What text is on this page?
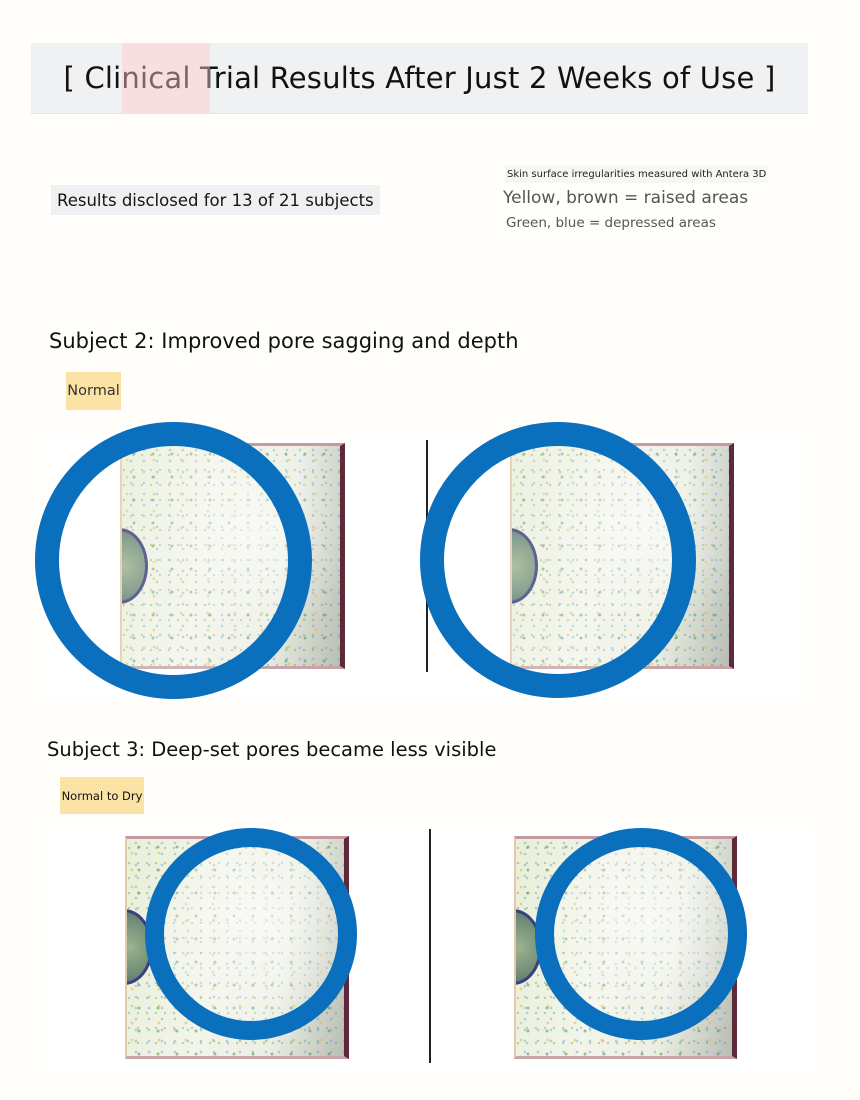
[ Clinical Trial Results After Just 2 Weeks of Use ]
Results disclosed for 13 of 21 subjects
Skin surface irregularities measured with Antera 3D
Yellow, brown = raised areas
Green, blue = depressed areas
Subject 2: Improved pore sagging and depth
Normal
Subject 3: Deep-set pores became less visible
Normal to Dry
